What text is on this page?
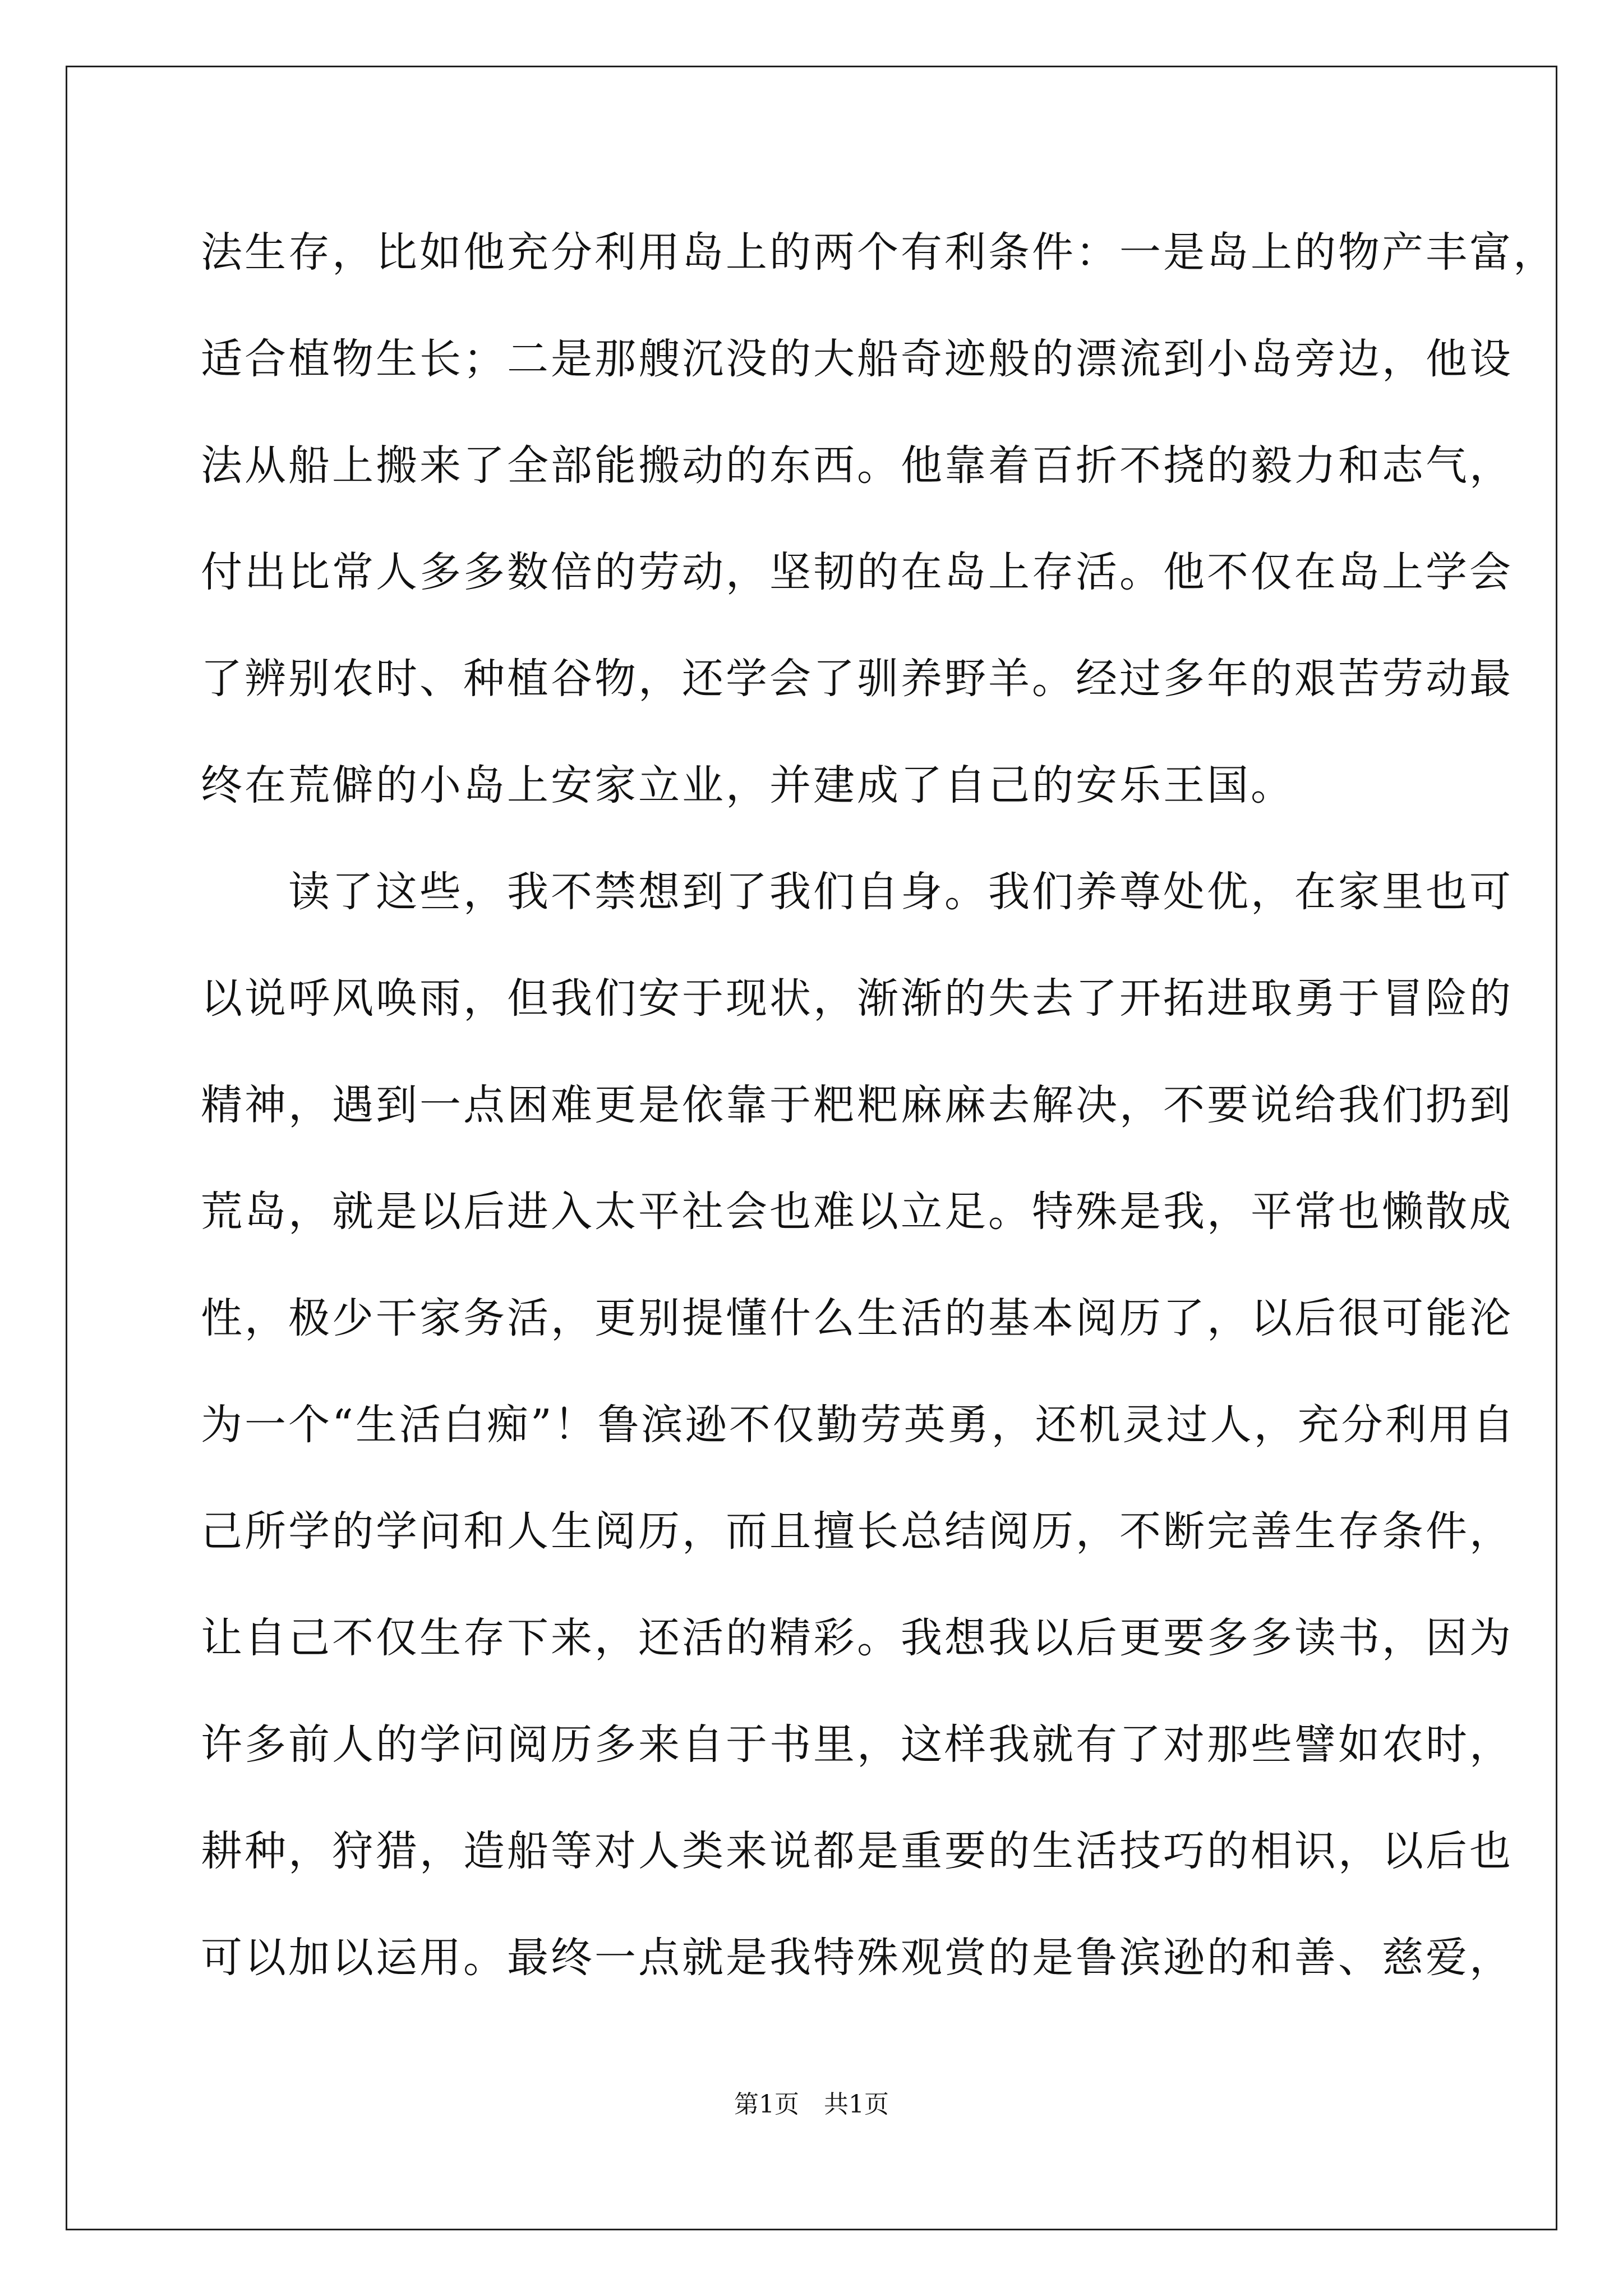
法生存，比如他充分利用岛上的两个有利条件：一是岛上的物产丰富，
适合植物生长；二是那艘沉没的大船奇迹般的漂流到小岛旁边，他设
法从船上搬来了全部能搬动的东西。他靠着百折不挠的毅力和志气，
付出比常人多多数倍的劳动，坚韧的在岛上存活。他不仅在岛上学会
了辨别农时、种植谷物，还学会了驯养野羊。经过多年的艰苦劳动最
终在荒僻的小岛上安家立业，并建成了自己的安乐王国。
　　读了这些，我不禁想到了我们自身。我们养尊处优，在家里也可
以说呼风唤雨，但我们安于现状，渐渐的失去了开拓进取勇于冒险的
精神，遇到一点困难更是依靠于粑粑麻麻去解决，不要说给我们扔到
荒岛，就是以后进入太平社会也难以立足。特殊是我，平常也懒散成
性，极少干家务活，更别提懂什么生活的基本阅历了，以后很可能沦
为一个“生活白痴”！鲁滨逊不仅勤劳英勇，还机灵过人，充分利用自
己所学的学问和人生阅历，而且擅长总结阅历，不断完善生存条件，
让自己不仅生存下来，还活的精彩。我想我以后更要多多读书，因为
许多前人的学问阅历多来自于书里，这样我就有了对那些譬如农时，
耕种，狩猎，造船等对人类来说都是重要的生活技巧的相识，以后也
可以加以运用。最终一点就是我特殊观赏的是鲁滨逊的和善、慈爱，
第1页　共1页
